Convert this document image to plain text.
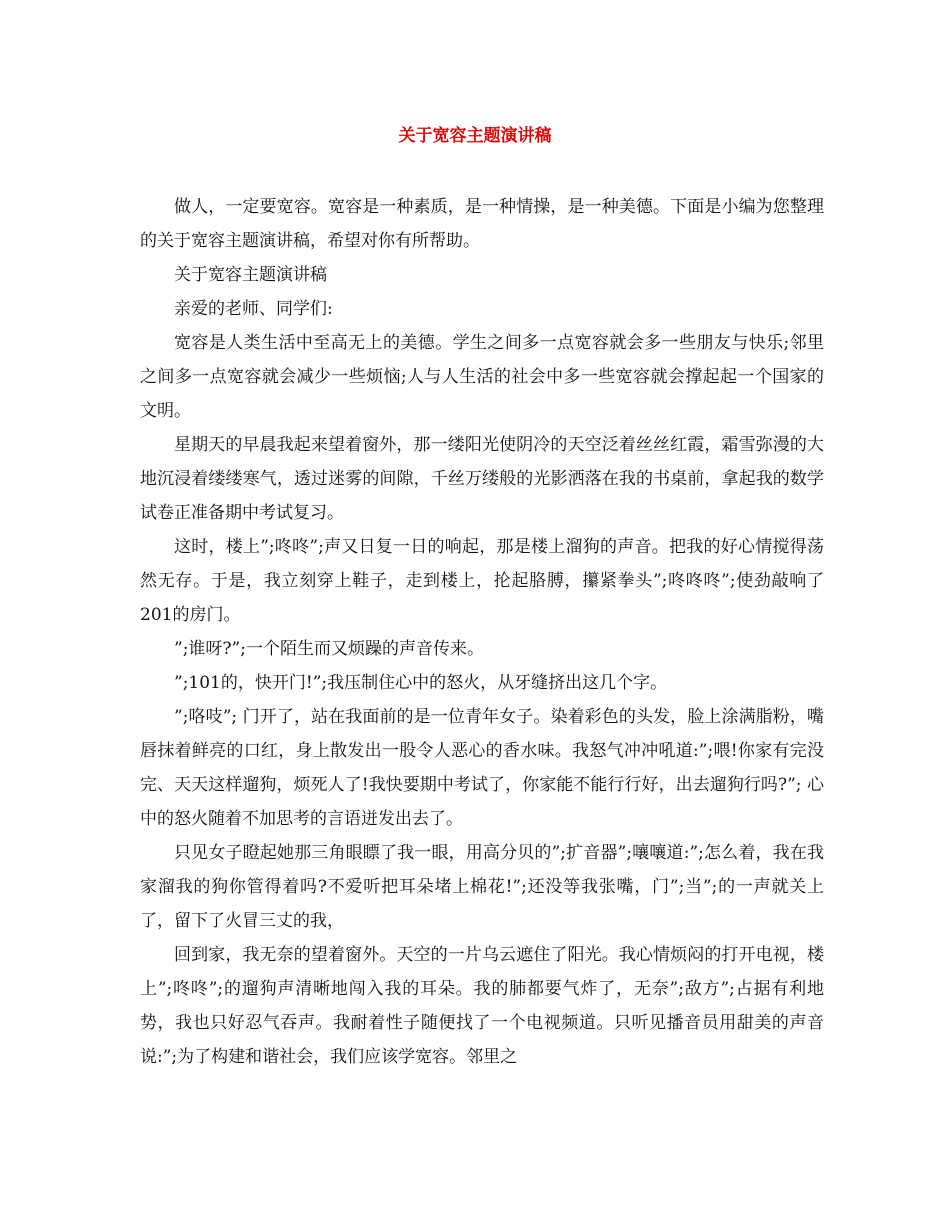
关于宽容主题演讲稿

做人，一定要宽容。宽容是一种素质，是一种情操，是一种美德。下面是小编为您整理的关于宽容主题演讲稿，希望对你有所帮助。

关于宽容主题演讲稿

亲爱的老师、同学们:

宽容是人类生活中至高无上的美德。学生之间多一点宽容就会多一些朋友与快乐;邻里之间多一点宽容就会减少一些烦恼;人与人生活的社会中多一些宽容就会撑起起一个国家的文明。

星期天的早晨我起来望着窗外，那一缕阳光使阴冷的天空泛着丝丝红霞，霜雪弥漫的大地沉浸着缕缕寒气，透过迷雾的间隙，千丝万缕般的光影洒落在我的书桌前，拿起我的数学试卷正准备期中考试复习。

这时，楼上”;咚咚”;声又日复一日的响起，那是楼上溜狗的声音。把我的好心情搅得荡然无存。于是，我立刻穿上鞋子，走到楼上，抡起胳膊，攥紧拳头”;咚咚咚”;使劲敲响了201的房门。

”;谁呀?”;一个陌生而又烦躁的声音传来。

”;101的，快开门!”;我压制住心中的怒火，从牙缝挤出这几个字。

”;咯吱”; 门开了，站在我面前的是一位青年女子。染着彩色的头发，脸上涂满脂粉，嘴唇抹着鲜亮的口红，身上散发出一股令人恶心的香水味。我怒气冲冲吼道:”;喂!你家有完没完、天天这样遛狗，烦死人了!我快要期中考试了，你家能不能行行好，出去遛狗行吗?”; 心中的怒火随着不加思考的言语迸发出去了。

只见女子瞪起她那三角眼瞟了我一眼，用高分贝的”;扩音器”;嚷嚷道:”;怎么着，我在我家溜我的狗你管得着吗?不爱听把耳朵堵上棉花!”;还没等我张嘴，门”;当”;的一声就关上了，留下了火冒三丈的我，

回到家，我无奈的望着窗外。天空的一片乌云遮住了阳光。我心情烦闷的打开电视，楼上”;咚咚”;的遛狗声清晰地闯入我的耳朵。我的肺都要气炸了，无奈”;敌方”;占据有利地势，我也只好忍气吞声。我耐着性子随便找了一个电视频道。只听见播音员用甜美的声音说:”;为了构建和谐社会，我们应该学宽容。邻里之
